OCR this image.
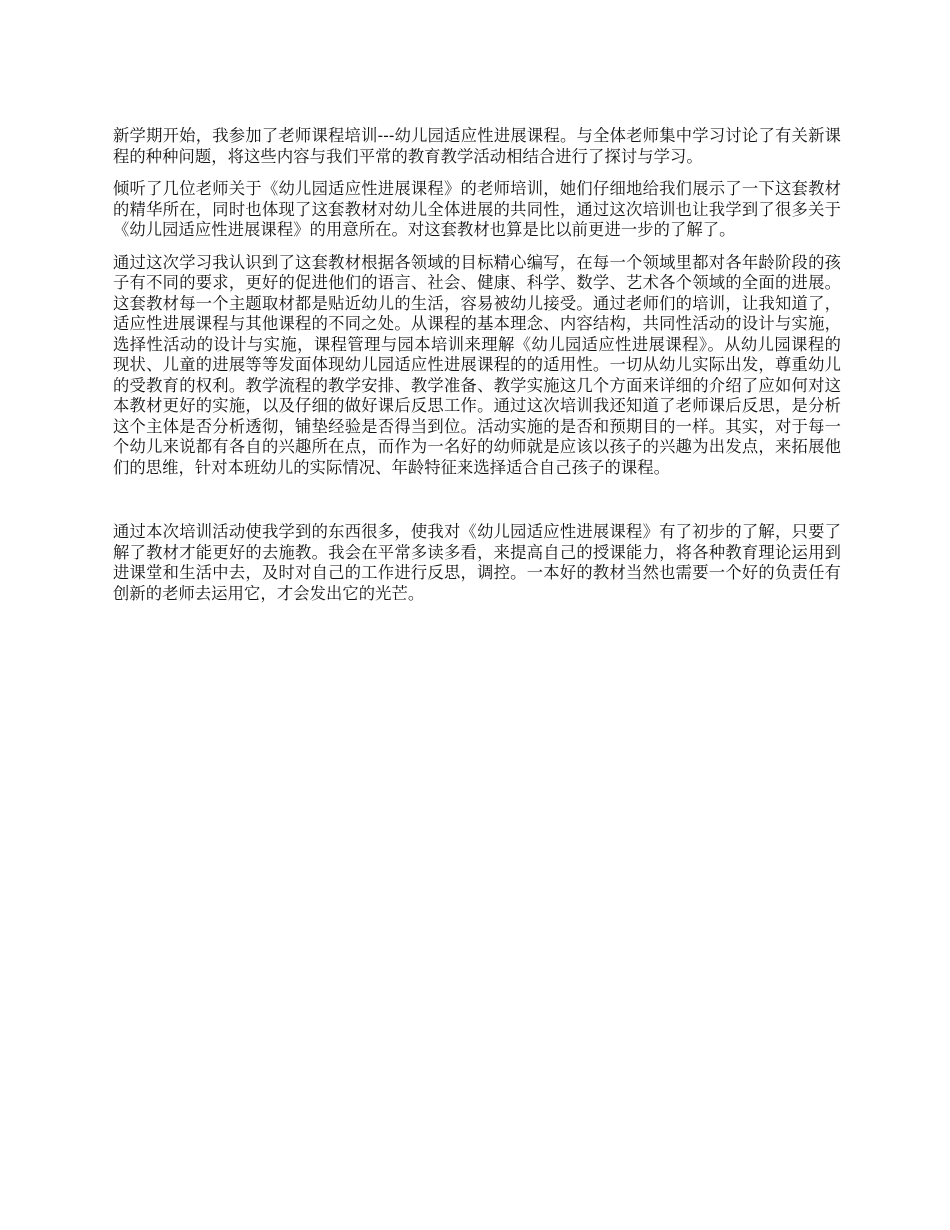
新学期开始，我参加了老师课程培训---幼儿园适应性进展课程。与全体老师集中学习讨论了有关新课程的种种问题，将这些内容与我们平常的教育教学活动相结合进行了探讨与学习。

倾听了几位老师关于《幼儿园适应性进展课程》的老师培训，她们仔细地给我们展示了一下这套教材的精华所在，同时也体现了这套教材对幼儿全体进展的共同性，通过这次培训也让我学到了很多关于《幼儿园适应性进展课程》的用意所在。对这套教材也算是比以前更进一步的了解了。

通过这次学习我认识到了这套教材根据各领域的目标精心编写，在每一个领域里都对各年龄阶段的孩子有不同的要求，更好的促进他们的语言、社会、健康、科学、数学、艺术各个领域的全面的进展。这套教材每一个主题取材都是贴近幼儿的生活，容易被幼儿接受。通过老师们的培训，让我知道了，适应性进展课程与其他课程的不同之处。从课程的基本理念、内容结构，共同性活动的设计与实施，选择性活动的设计与实施，课程管理与园本培训来理解《幼儿园适应性进展课程》。从幼儿园课程的现状、儿童的进展等等发面体现幼儿园适应性进展课程的的适用性。一切从幼儿实际出发，尊重幼儿的受教育的权利。教学流程的教学安排、教学准备、教学实施这几个方面来详细的介绍了应如何对这本教材更好的实施，以及仔细的做好课后反思工作。通过这次培训我还知道了老师课后反思，是分析这个主体是否分析透彻，铺垫经验是否得当到位。活动实施的是否和预期目的一样。其实，对于每一个幼儿来说都有各自的兴趣所在点，而作为一名好的幼师就是应该以孩子的兴趣为出发点，来拓展他们的思维，针对本班幼儿的实际情况、年龄特征来选择适合自己孩子的课程。

通过本次培训活动使我学到的东西很多，使我对《幼儿园适应性进展课程》有了初步的了解，只要了解了教材才能更好的去施教。我会在平常多读多看，来提高自己的授课能力，将各种教育理论运用到进课堂和生活中去，及时对自己的工作进行反思，调控。一本好的教材当然也需要一个好的负责任有创新的老师去运用它，才会发出它的光芒。
